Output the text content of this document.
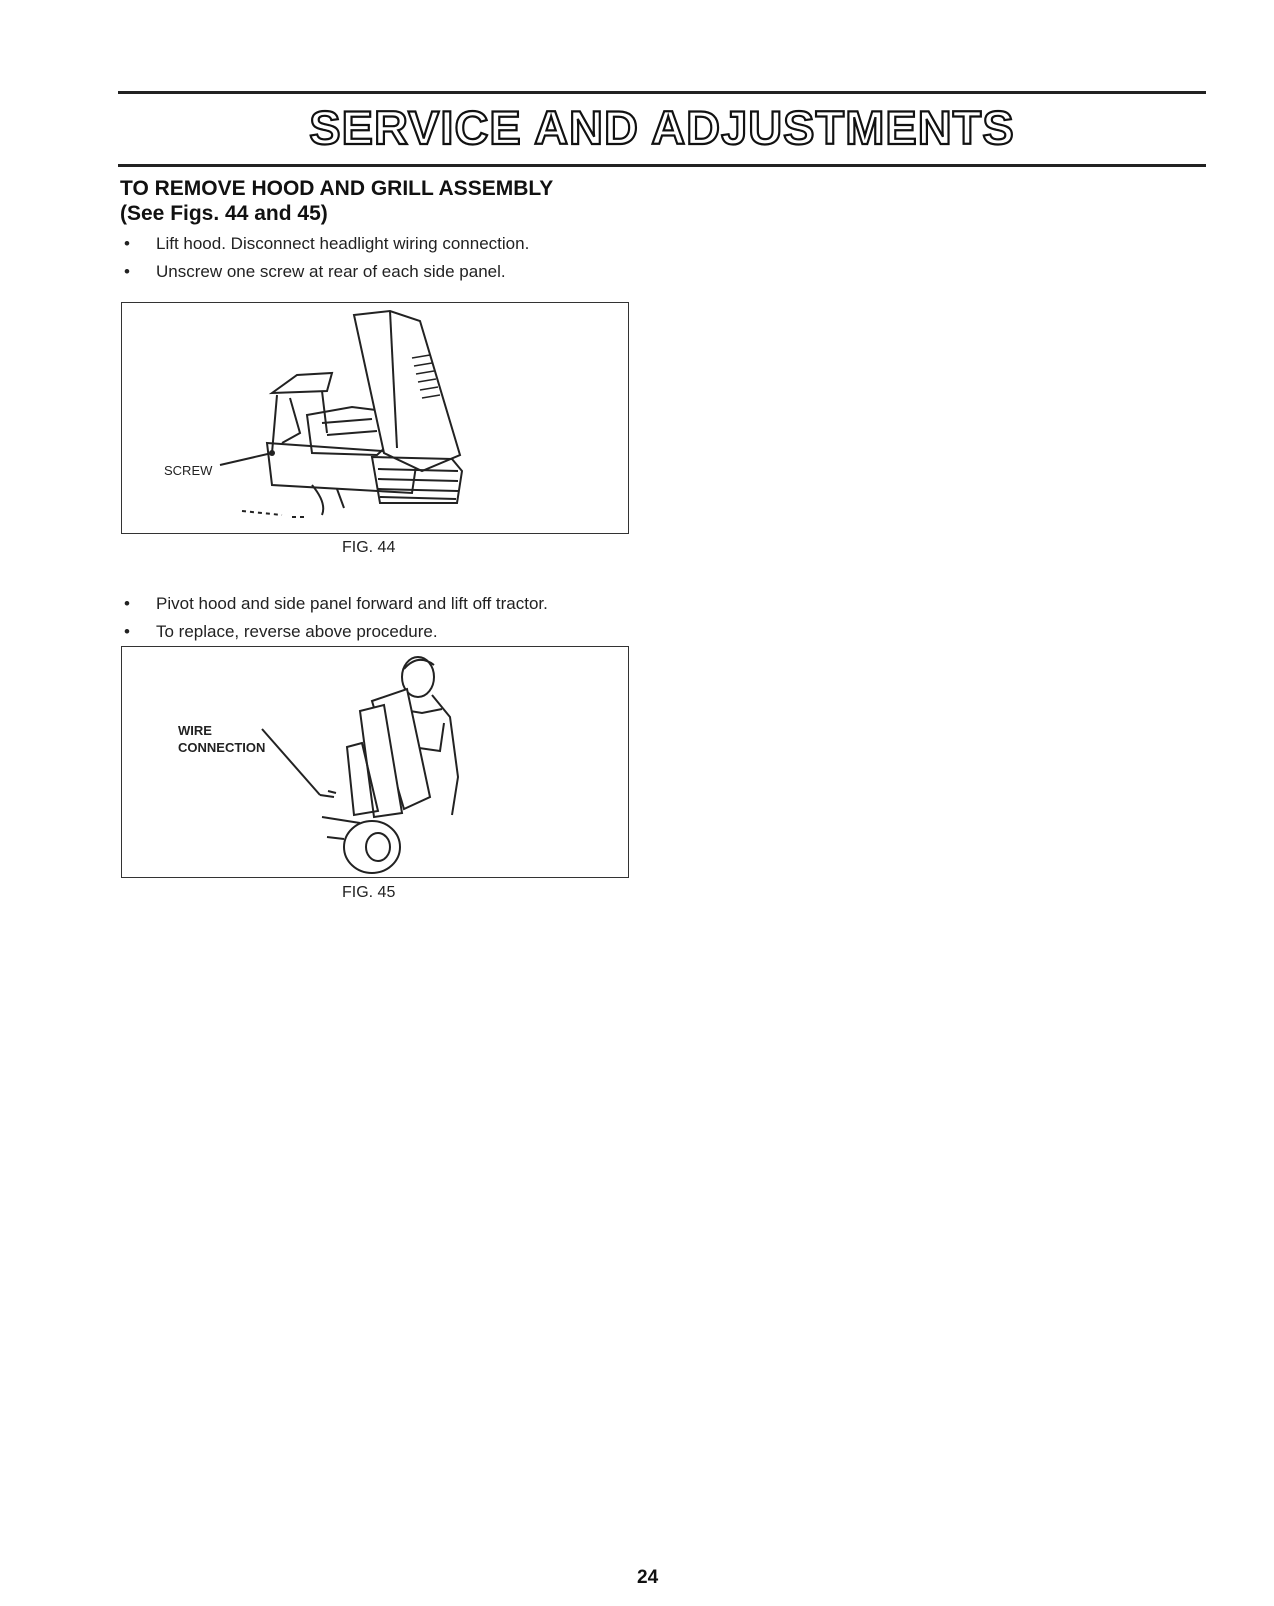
SERVICE AND ADJUSTMENTS
TO REMOVE HOOD AND GRILL ASSEMBLY
(See Figs. 44 and 45)
• Lift hood. Disconnect headlight wiring connection.
• Unscrew one screw at rear of each side panel.
SCREW
FIG. 44
• Pivot hood and side panel forward and lift off tractor.
• To replace, reverse above procedure.
WIRE
CONNECTION
FIG. 45
24
